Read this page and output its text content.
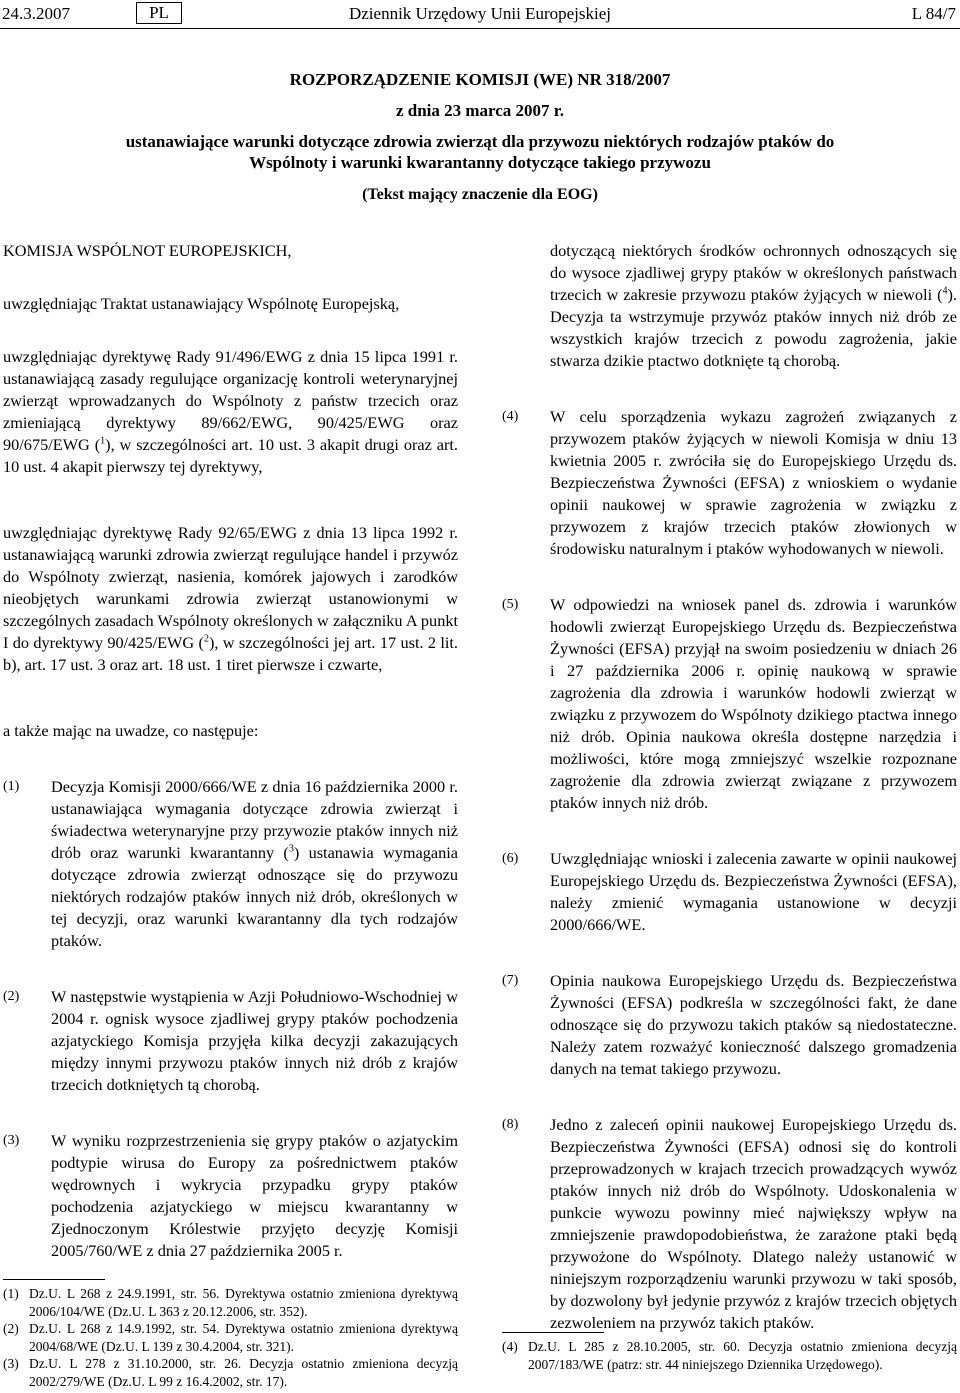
24.3.2007	PL	Dziennik Urzędowy Unii Europejskiej	L 84/7
ROZPORZĄDZENIE KOMISJI (WE) NR 318/2007
z dnia 23 marca 2007 r.
ustanawiające warunki dotyczące zdrowia zwierząt dla przywozu niektórych rodzajów ptaków do
Wspólnoty i warunki kwarantanny dotyczące takiego przywozu
(Tekst mający znaczenie dla EOG)

KOMISJA WSPÓLNOT EUROPEJSKICH,

uwzględniając Traktat ustanawiający Wspólnotę Europejską,

uwzględniając dyrektywę Rady 91/496/EWG z dnia 15 lipca 1991 r. ustanawiającą zasady regulujące organizację kontroli weterynaryjnej zwierząt wprowadzanych do Wspólnoty z państw trzecich oraz zmieniającą dyrektywy 89/662/EWG, 90/425/EWG oraz 90/675/EWG ($^1$), w szczególności art. 10 ust. 3 akapit drugi oraz art. 10 ust. 4 akapit pierwszy tej dyrektywy,

uwzględniając dyrektywę Rady 92/65/EWG z dnia 13 lipca 1992 r. ustanawiającą warunki zdrowia zwierząt regulujące handel i przywóz do Wspólnoty zwierząt, nasienia, komórek jajowych i zarodków nieobjętych warunkami zdrowia zwierząt ustanowionymi w szczególnych zasadach Wspólnoty określonych w załączniku A punkt I do dyrektywy 90/425/EWG ($^2$), w szczególności jej art. 17 ust. 2 lit. b), art. 17 ust. 3 oraz art. 18 ust. 1 tiret pierwsze i czwarte,

a także mając na uwadze, co następuje:

(1) Decyzja Komisji 2000/666/WE z dnia 16 października 2000 r. ustanawiająca wymagania dotyczące zdrowia zwierząt i świadectwa weterynaryjne przy przywozie ptaków innych niż drób oraz warunki kwarantanny ($^3$) ustanawia wymagania dotyczące zdrowia zwierząt odnoszące się do przywozu niektórych rodzajów ptaków innych niż drób, określonych w tej decyzji, oraz warunki kwarantanny dla tych rodzajów ptaków.
(2) W następstwie wystąpienia w Azji Południowo-Wschodniej w 2004 r. ognisk wysoce zjadliwej grypy ptaków pochodzenia azjatyckiego Komisja przyjęła kilka decyzji zakazujących między innymi przywozu ptaków innych niż drób z krajów trzecich dotkniętych tą chorobą.
(3) W wyniku rozprzestrzenienia się grypy ptaków o azjatyckim podtypie wirusa do Europy za pośrednictwem ptaków wędrownych i wykrycia przypadku grypy ptaków pochodzenia azjatyckiego w miejscu kwarantanny w Zjednoczonym Królestwie przyjęto decyzję Komisji 2005/760/WE z dnia 27 października 2005 r.
dotyczącą niektórych środków ochronnych odnoszących się do wysoce zjadliwej grypy ptaków w określonych państwach trzecich w zakresie przywozu ptaków żyjących w niewoli ($^4$). Decyzja ta wstrzymuje przywóz ptaków innych niż drób ze wszystkich krajów trzecich z powodu zagrożenia, jakie stwarza dzikie ptactwo dotknięte tą chorobą.
(4) W celu sporządzenia wykazu zagrożeń związanych z przywozem ptaków żyjących w niewoli Komisja w dniu 13 kwietnia 2005 r. zwróciła się do Europejskiego Urzędu ds. Bezpieczeństwa Żywności (EFSA) z wnioskiem o wydanie opinii naukowej w sprawie zagrożenia w związku z przywozem z krajów trzecich ptaków złowionych w środowisku naturalnym i ptaków wyhodowanych w niewoli.
(5) W odpowiedzi na wniosek panel ds. zdrowia i warunków hodowli zwierząt Europejskiego Urzędu ds. Bezpieczeństwa Żywności (EFSA) przyjął na swoim posiedzeniu w dniach 26 i 27 października 2006 r. opinię naukową w sprawie zagrożenia dla zdrowia i warunków hodowli zwierząt w związku z przywozem do Wspólnoty dzikiego ptactwa innego niż drób. Opinia naukowa określa dostępne narzędzia i możliwości, które mogą zmniejszyć wszelkie rozpoznane zagrożenie dla zdrowia zwierząt związane z przywozem ptaków innych niż drób.
(6) Uwzględniając wnioski i zalecenia zawarte w opinii naukowej Europejskiego Urzędu ds. Bezpieczeństwa Żywności (EFSA), należy zmienić wymagania ustanowione w decyzji 2000/666/WE.
(7) Opinia naukowa Europejskiego Urzędu ds. Bezpieczeństwa Żywności (EFSA) podkreśla w szczególności fakt, że dane odnoszące się do przywozu takich ptaków są niedostateczne. Należy zatem rozważyć konieczność dalszego gromadzenia danych na temat takiego przywozu.
(8) Jedno z zaleceń opinii naukowej Europejskiego Urzędu ds. Bezpieczeństwa Żywności (EFSA) odnosi się do kontroli przeprowadzonych w krajach trzecich prowadzących wywóz ptaków innych niż drób do Wspólnoty. Udoskonalenia w punkcie wywozu powinny mieć największy wpływ na zmniejszenie prawdopodobieństwa, że zarażone ptaki będą przywożone do Wspólnoty. Dlatego należy ustanowić w niniejszym rozporządzeniu warunki przywozu w taki sposób, by dozwolony był jedynie przywóz z krajów trzecich objętych zezwoleniem na przywóz takich ptaków.
(1) Dz.U. L 268 z 24.9.1991, str. 56. Dyrektywa ostatnio zmieniona dyrektywą 2006/104/WE (Dz.U. L 363 z 20.12.2006, str. 352).
(2) Dz.U. L 268 z 14.9.1992, str. 54. Dyrektywa ostatnio zmieniona dyrektywą 2004/68/WE (Dz.U. L 139 z 30.4.2004, str. 321).
(3) Dz.U. L 278 z 31.10.2000, str. 26. Decyzja ostatnio zmieniona decyzją 2002/279/WE (Dz.U. L 99 z 16.4.2002, str. 17).
(4) Dz.U. L 285 z 28.10.2005, str. 60. Decyzja ostatnio zmieniona decyzją 2007/183/WE (patrz: str. 44 niniejszego Dziennika Urzędowego).
